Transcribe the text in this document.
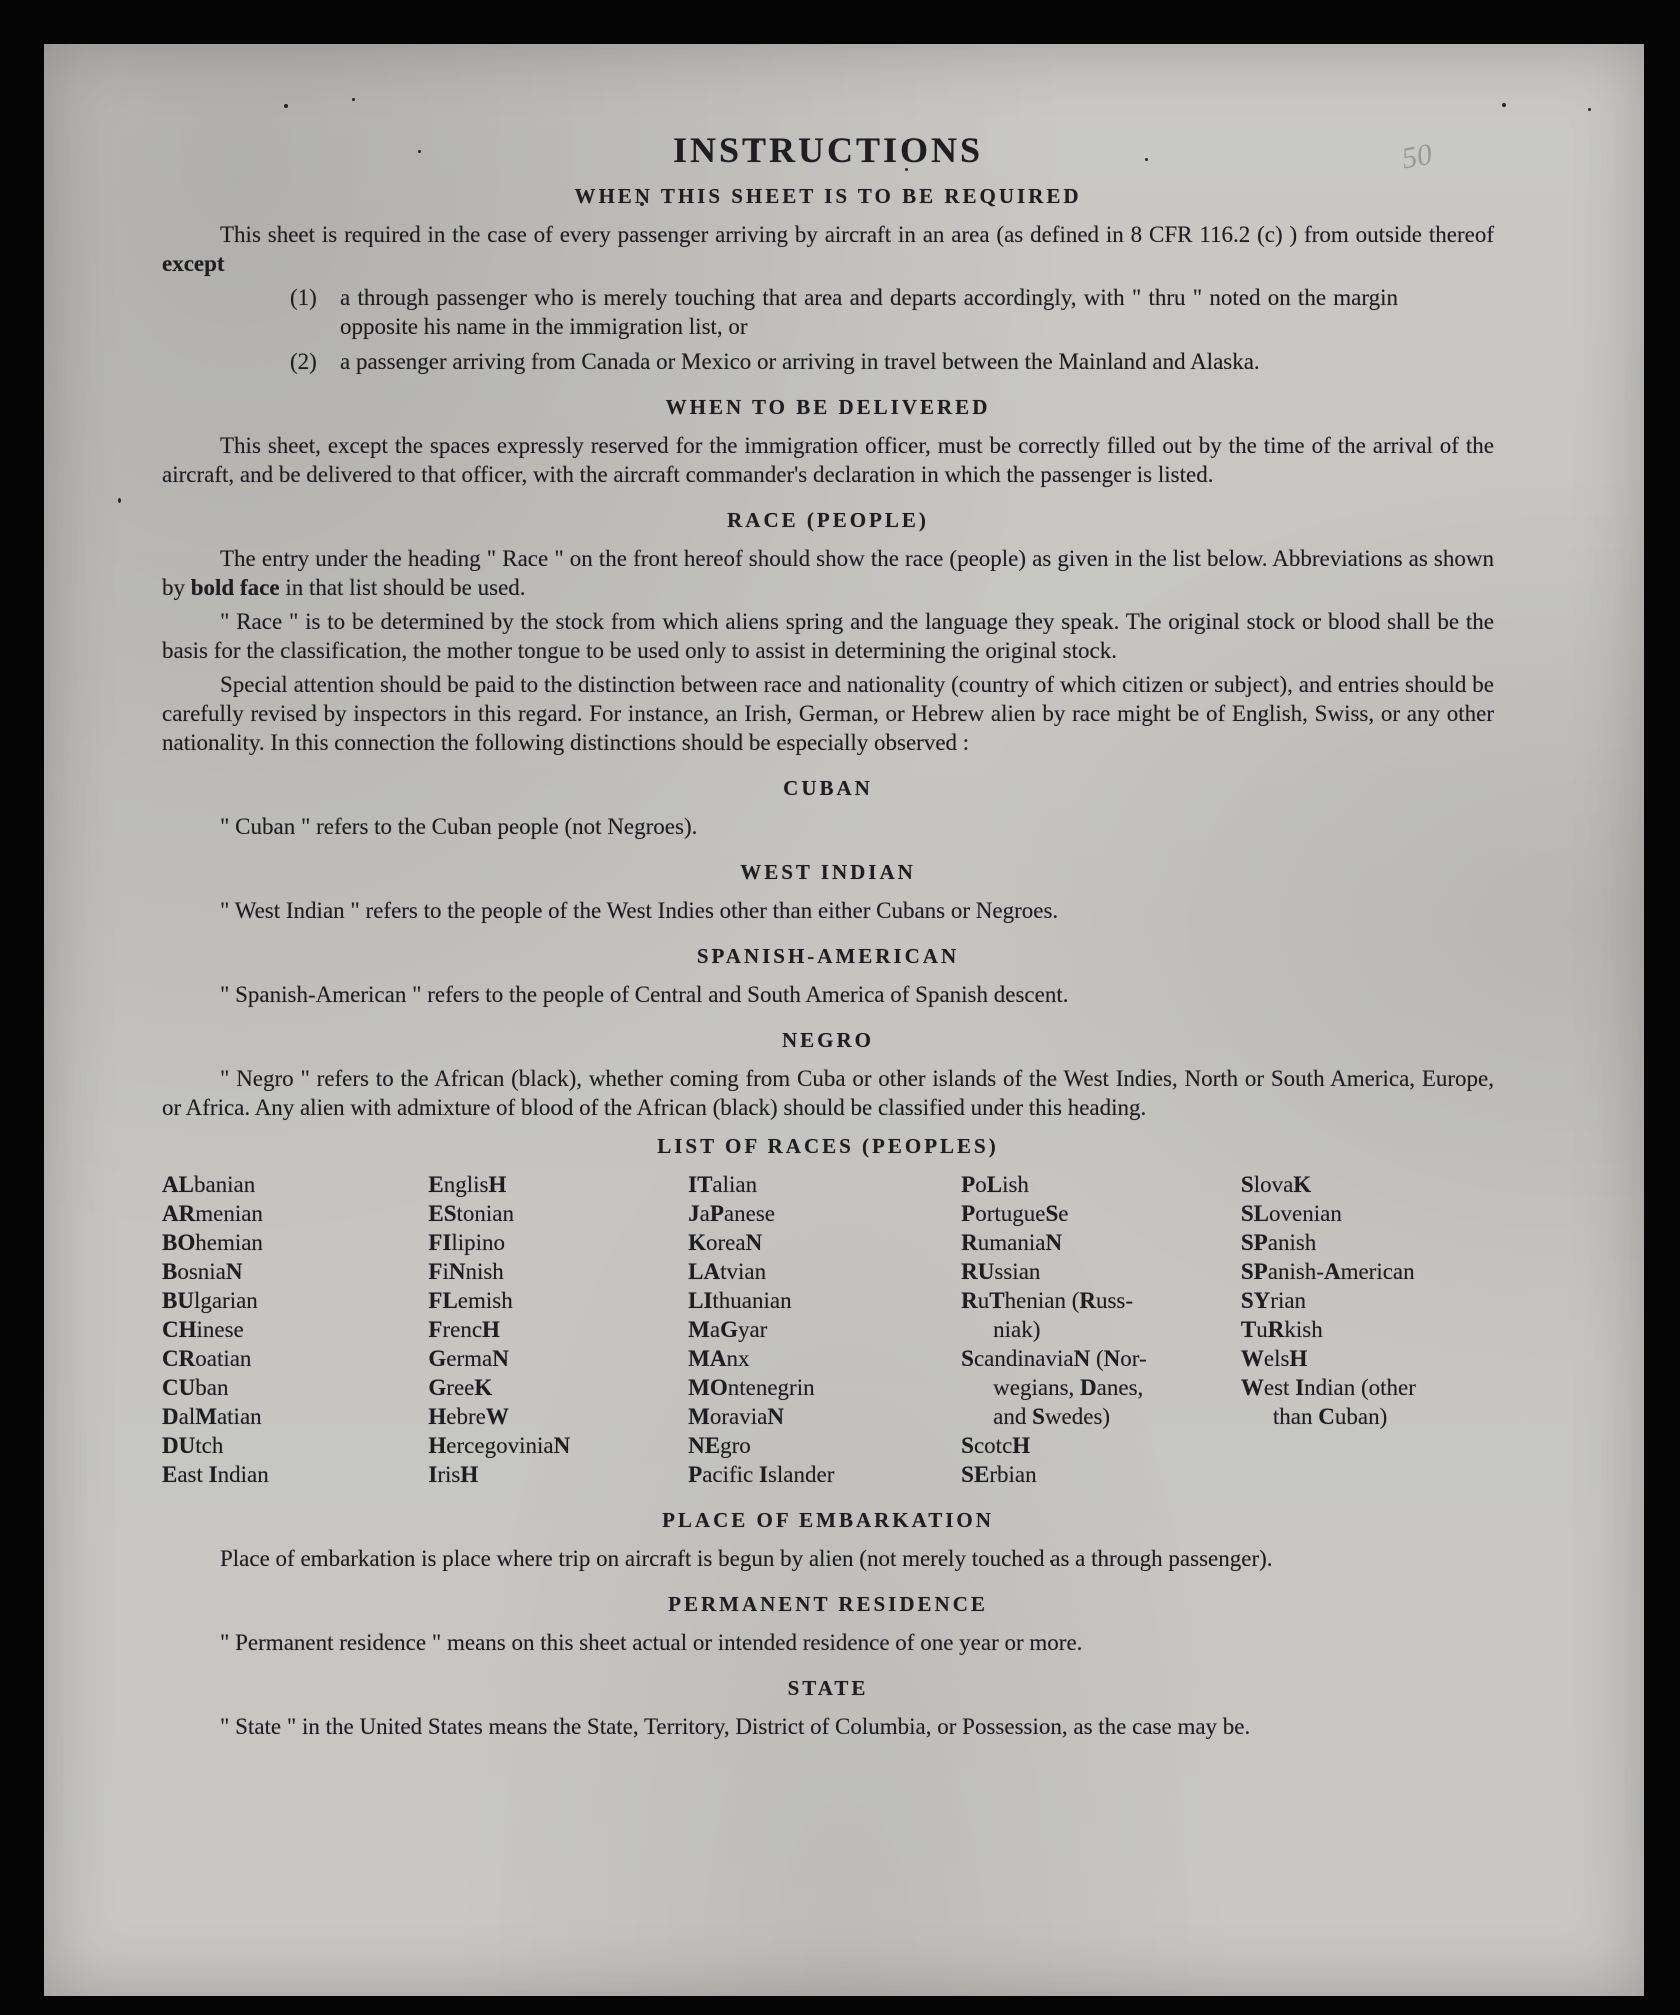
50
INSTRUCTIONS
WHEN THIS SHEET IS TO BE REQUIRED

This sheet is required in the case of every passenger arriving by aircraft in an area (as defined in 8 CFR 116.2 (c) ) from outside thereof except

(1)	a through passenger who is merely touching that area and departs accordingly, with " thru " noted on the margin opposite his name in the immigration list, or
(2)	a passenger arriving from Canada or Mexico or arriving in travel between the Mainland and Alaska.
WHEN TO BE DELIVERED

This sheet, except the spaces expressly reserved for the immigration officer, must be correctly filled out by the time of the arrival of the aircraft, and be delivered to that officer, with the aircraft commander's declaration in which the passenger is listed.

RACE (PEOPLE)

The entry under the heading " Race " on the front hereof should show the race (people) as given in the list below. Abbreviations as shown by bold face in that list should be used.

" Race " is to be determined by the stock from which aliens spring and the language they speak. The original stock or blood shall be the basis for the classification, the mother tongue to be used only to assist in determining the original stock.

Special attention should be paid to the distinction between race and nationality (country of which citizen or subject), and entries should be carefully revised by inspectors in this regard. For instance, an Irish, German, or Hebrew alien by race might be of English, Swiss, or any other nationality. In this connection the following distinctions should be especially observed :

CUBAN

" Cuban " refers to the Cuban people (not Negroes).

WEST INDIAN

" West Indian " refers to the people of the West Indies other than either Cubans or Negroes.

SPANISH-AMERICAN

" Spanish-American " refers to the people of Central and South America of Spanish descent.

NEGRO

" Negro " refers to the African (black), whether coming from Cuba or other islands of the West Indies, North or South America, Europe, or Africa. Any alien with admixture of blood of the African (black) should be classified under this heading.

LIST OF RACES (PEOPLES)
ALbanian
ARmenian
BOhemian
BosniaN
BUlgarian
CHinese
CRoatian
CUban
DalMatian
DUtch
East Indian
EnglisH
EStonian
FIlipino
FiNnish
FLemish
FrencH
GermaN
GreeK
HebreW
HercegoviniaN
IrisH
ITalian
JaPanese
KoreaN
LAtvian
LIthuanian
MaGyar
MAnx
MOntenegrin
MoraviaN
NEgro
Pacific Islander
PoLish
PortugueSe
RumaniaN
RUssian
RuThenian (Russ-
niak)
ScandinaviaN (Nor-
wegians, Danes,
and Swedes)
ScotcH
SErbian
SlovaK
SLovenian
SPanish
SPanish-American
SYrian
TuRkish
WelsH
West Indian (other
than Cuban)
PLACE OF EMBARKATION

Place of embarkation is place where trip on aircraft is begun by alien (not merely touched as a through passenger).

PERMANENT RESIDENCE

" Permanent residence " means on this sheet actual or intended residence of one year or more.

STATE

" State " in the United States means the State, Territory, District of Columbia, or Possession, as the case may be.
